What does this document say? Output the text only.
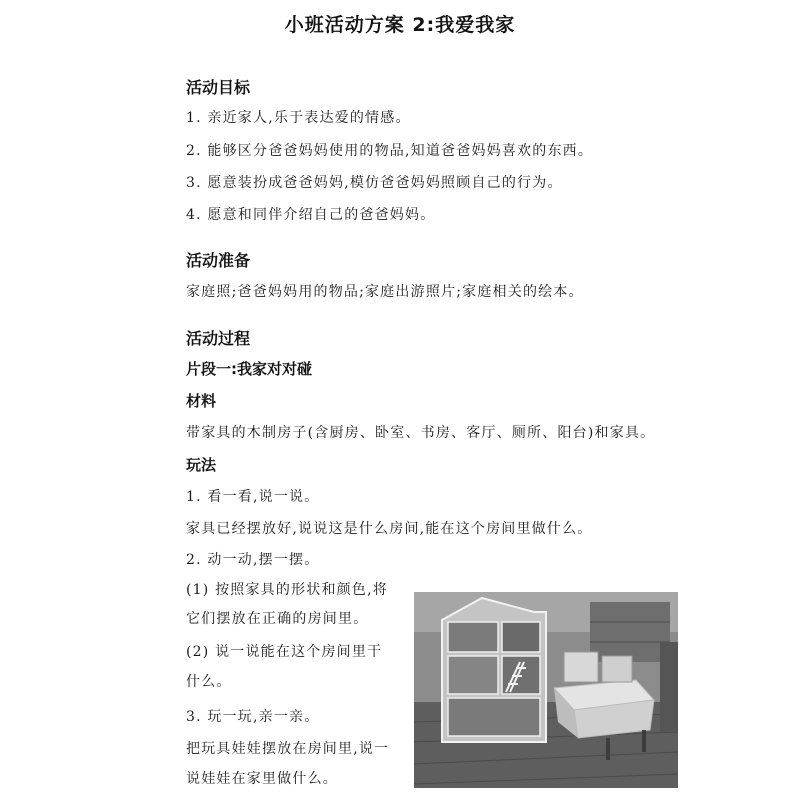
小班活动方案 2:我爱我家
活动目标
1. 亲近家人,乐于表达爱的情感。
2. 能够区分爸爸妈妈使用的物品,知道爸爸妈妈喜欢的东西。
3. 愿意装扮成爸爸妈妈,模仿爸爸妈妈照顾自己的行为。
4. 愿意和同伴介绍自己的爸爸妈妈。
活动准备
家庭照;爸爸妈妈用的物品;家庭出游照片;家庭相关的绘本。
活动过程
片段一:我家对对碰
材料
带家具的木制房子(含厨房、卧室、书房、客厅、厕所、阳台)和家具。
玩法
1. 看一看,说一说。
家具已经摆放好,说说这是什么房间,能在这个房间里做什么。
2. 动一动,摆一摆。
(1) 按照家具的形状和颜色,将
它们摆放在正确的房间里。
(2) 说一说能在这个房间里干
什么。
3. 玩一玩,亲一亲。
把玩具娃娃摆放在房间里,说一
说娃娃在家里做什么。
